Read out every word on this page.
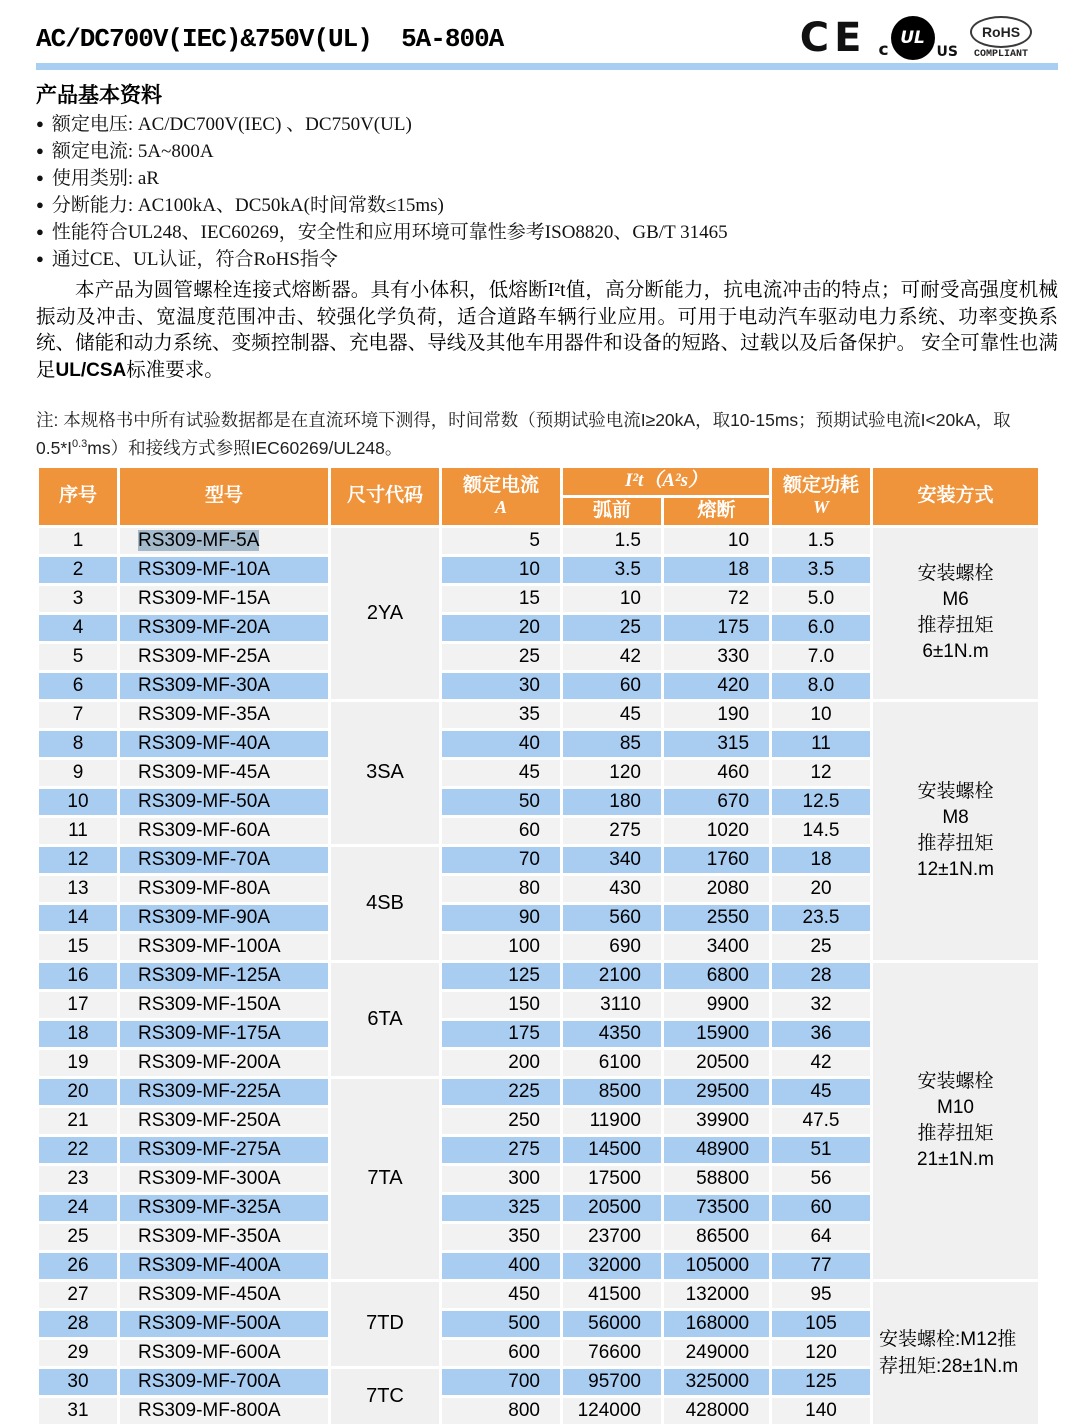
AC/DC700V(IEC)&750V(UL)  5A-800A	CE c
UL
US
RoHS
COMPLIANT
产品基本资料
● 额定电压: AC/DC700V(IEC) 、DC750V(UL)
● 额定电流: 5A~800A
● 使用类别: aR
● 分断能力: AC100kA、DC50kA(时间常数≤15ms)
● 性能符合UL248、IEC60269，安全性和应用环境可靠性参考ISO8820、GB/T 31465
● 通过CE、UL认证，符合RoHS指令

本产品为圆管螺栓连接式熔断器。具有小体积，低熔断I²t值，高分断能力，抗电流冲击的特点；可耐受高强度机械振动及冲击、宽温度范围冲击、较强化学负荷，适合道路车辆行业应用。可用于电动汽车驱动电力系统、功率变换系统、储能和动力系统、变频控制器、充电器、导线及其他车用器件和设备的短路、过载以及后备保护。 安全可靠性也满足UL/CSA标准要求。

注: 本规格书中所有试验数据都是在直流环境下测得，时间常数（预期试验电流I≥20kA，取10-15ms；预期试验电流I<20kA，取$0.5*I^{0.3}ms$）和接线方式参照IEC60269/UL248。

序号	型号	尺寸代码	额定电流
A
	I²t（A²s）	额定功耗
W
	安装方式
				弧前	熔断		
1	RS309-MF-5A	2YA	5	1.5	10	1.5	安装螺栓
M6
推荐扭矩
6±1N.m
2	RS309-MF-10A		10	3.5	18	3.5	
3	RS309-MF-15A		15	10	72	5.0	
4	RS309-MF-20A		20	25	175	6.0	
5	RS309-MF-25A		25	42	330	7.0	
6	RS309-MF-30A		30	60	420	8.0	
7	RS309-MF-35A	3SA	35	45	190	10	安装螺栓
M8
推荐扭矩
12±1N.m
8	RS309-MF-40A		40	85	315	11	
9	RS309-MF-45A		45	120	460	12	
10	RS309-MF-50A		50	180	670	12.5	
11	RS309-MF-60A		60	275	1020	14.5	
12	RS309-MF-70A	4SB	70	340	1760	18	
13	RS309-MF-80A		80	430	2080	20	
14	RS309-MF-90A		90	560	2550	23.5	
15	RS309-MF-100A		100	690	3400	25	
16	RS309-MF-125A	6TA	125	2100	6800	28	安装螺栓
M10
推荐扭矩
21±1N.m
17	RS309-MF-150A		150	3110	9900	32	
18	RS309-MF-175A		175	4350	15900	36	
19	RS309-MF-200A		200	6100	20500	42	
20	RS309-MF-225A	7TA	225	8500	29500	45	
21	RS309-MF-250A		250	11900	39900	47.5	
22	RS309-MF-275A		275	14500	48900	51	
23	RS309-MF-300A		300	17500	58800	56	
24	RS309-MF-325A		325	20500	73500	60	
25	RS309-MF-350A		350	23700	86500	64	
26	RS309-MF-400A		400	32000	105000	77	
27	RS309-MF-450A	7TD	450	41500	132000	95	安装螺栓:M12推
荐扭矩:28±1N.m
28	RS309-MF-500A		500	56000	168000	105	
29	RS309-MF-600A		600	76600	249000	120	
30	RS309-MF-700A	7TC	700	95700	325000	125	
31	RS309-MF-800A		800	124000	428000	140	
